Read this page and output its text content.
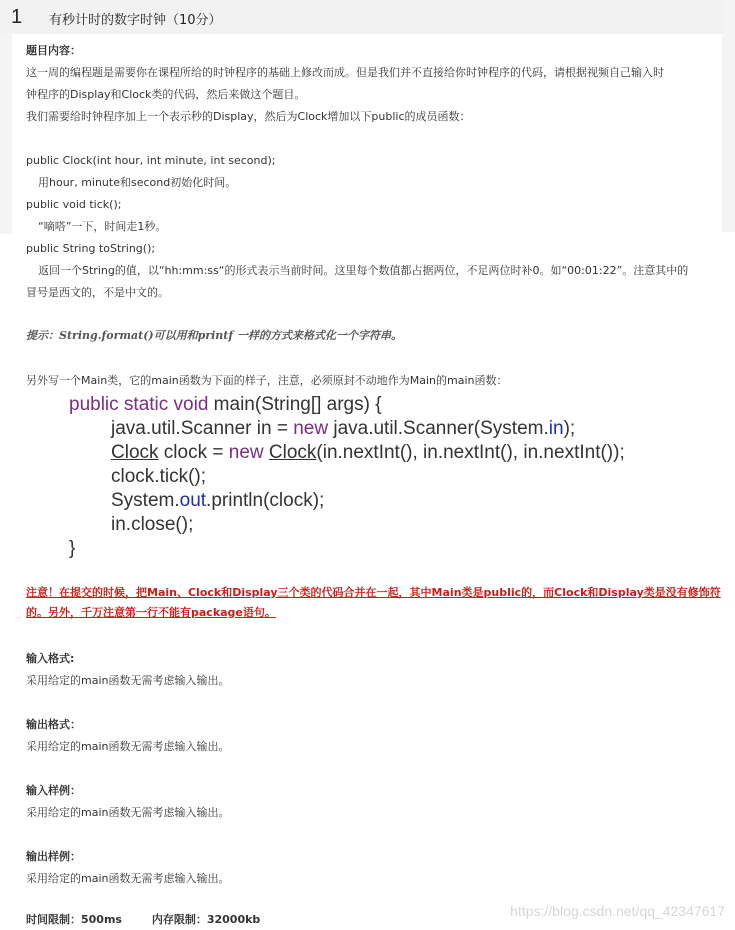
1 有秒计时的数字时钟（10分）
题目内容：
这一周的编程题是需要你在课程所给的时钟程序的基础上修改而成。但是我们并不直接给你时钟程序的代码，请根据视频自己输入时
钟程序的Display和Clock类的代码，然后来做这个题目。
我们需要给时钟程序加上一个表示秒的Display，然后为Clock增加以下public的成员函数：
public Clock(int hour, int minute, int second);
用hour, minute和second初始化时间。
public void tick();
“嘀嗒”一下，时间走1秒。
public String toString();
返回一个String的值，以“hh:mm:ss“的形式表示当前时间。这里每个数值都占据两位，不足两位时补0。如“00:01:22”。注意其中的
冒号是西文的，不是中文的。
提示：String.format()可以用和printf 一样的方式来格式化一个字符串。
另外写一个Main类，它的main函数为下面的样子，注意，必须原封不动地作为Main的main函数：
public static void main(String[] args) {
java.util.Scanner in = new java.util.Scanner(System.in);
Clock clock = new Clock(in.nextInt(), in.nextInt(), in.nextInt());
clock.tick();
System.out.println(clock);
in.close();
}
注意！在提交的时候，把Main、Clock和Display三个类的代码合并在一起，其中Main类是public的，而Clock和Display类是没有修饰符的。另外，千万注意第一行不能有package语句。
输入格式:
采用给定的main函数无需考虑输入输出。
输出格式：
采用给定的main函数无需考虑输入输出。
输入样例：
采用给定的main函数无需考虑输入输出。
输出样例：
采用给定的main函数无需考虑输入输出。
时间限制：500ms	内存限制：32000kb
https://blog.csdn.net/qq_42347617
